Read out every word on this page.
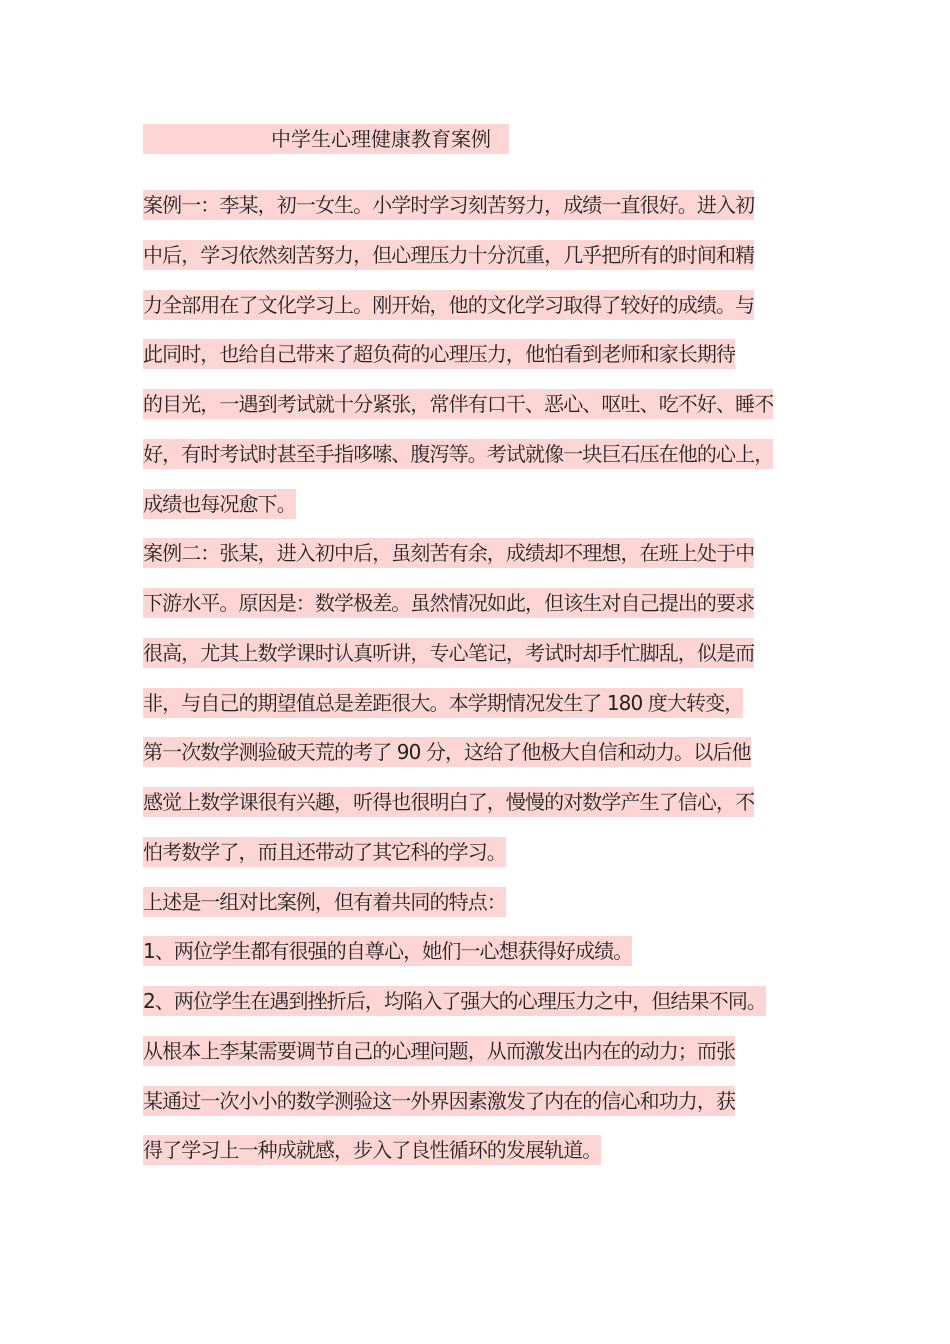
中学生心理健康教育案例
案例一：李某，初一女生。小学时学习刻苦努力，成绩一直很好。进入初
中后，学习依然刻苦努力，但心理压力十分沉重，几乎把所有的时间和精
力全部用在了文化学习上。刚开始，他的文化学习取得了较好的成绩。与
此同时，也给自己带来了超负荷的心理压力，他怕看到老师和家长期待
的目光，一遇到考试就十分紧张，常伴有口干、恶心、呕吐、吃不好、睡不
好，有时考试时甚至手指哆嗦、腹泻等。考试就像一块巨石压在他的心上，
成绩也每况愈下。
案例二：张某，进入初中后，虽刻苦有余，成绩却不理想，在班上处于中
下游水平。原因是：数学极差。虽然情况如此，但该生对自己提出的要求
很高，尤其上数学课时认真听讲，专心笔记，考试时却手忙脚乱，似是而
非，与自己的期望值总是差距很大。本学期情况发生了 180 度大转变，
第一次数学测验破天荒的考了 90 分，这给了他极大自信和动力。以后他
感觉上数学课很有兴趣，听得也很明白了，慢慢的对数学产生了信心，不
怕考数学了，而且还带动了其它科的学习。
上述是一组对比案例，但有着共同的特点：
1、两位学生都有很强的自尊心，她们一心想获得好成绩。
2、两位学生在遇到挫折后，均陷入了强大的心理压力之中，但结果不同。
从根本上李某需要调节自己的心理问题，从而激发出内在的动力；而张
某通过一次小小的数学测验这一外界因素激发了内在的信心和功力，获
得了学习上一种成就感，步入了良性循环的发展轨道。
